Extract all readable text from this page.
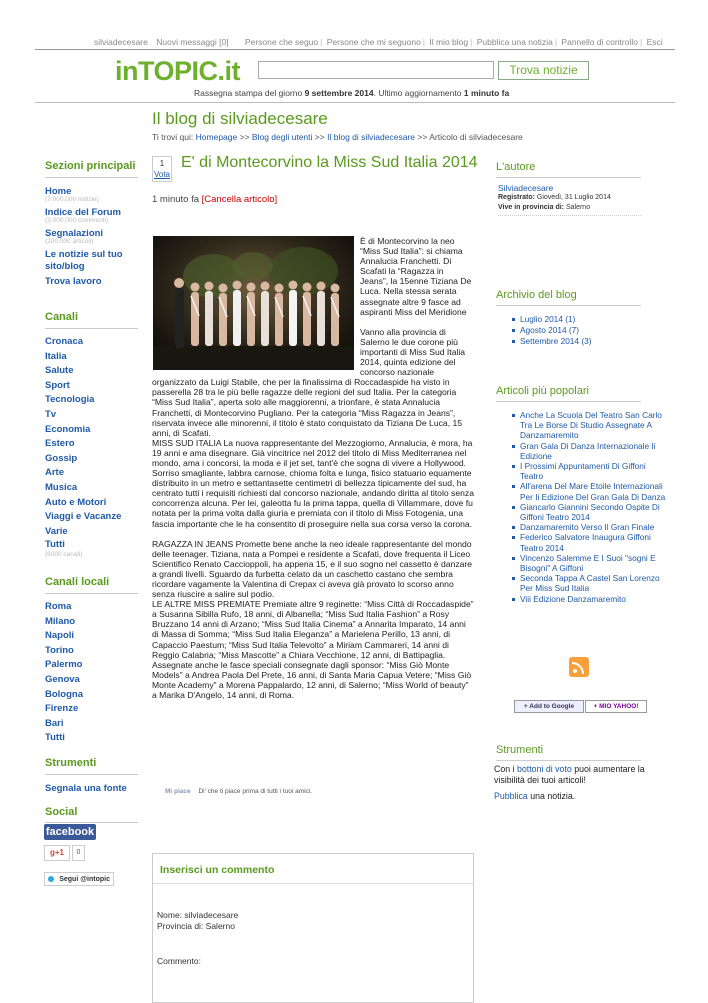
silviadecesare Nuovi messaggi [0] Persone che seguo | Persone che mi seguono | Il mio blog | Pubblica una notizia | Pannello di controllo | Esci
inTOPIC.it	Trova notizie
Rassegna stampa del giorno 9 settembre 2014. Ultimo aggiornamento 1 minuto fa
Il blog di silviadecesare
Ti trovi qui: Homepage >> Blog degli utenti >> Il blog di silviadecesare >> Articolo di silviadecesare
Sezioni principali
Home
(7.000.000 notizie)
Indice del Forum
(3.000.000 commenti)
Segnalazioni
(200.000 articoli)
Le notizie sul tuo sito/blog
Trova lavoro
Canali
Cronaca
Italia
Salute
Sport
Tecnologia
Tv
Economia
Estero
Gossip
Arte
Musica
Auto e Motori
Viaggi e Vacanze
Varie
Tutti
(6000 canali)
Canali locali
Roma
Milano
Napoli
Torino
Palermo
Genova
Bologna
Firenze
Bari
Tutti
Strumenti
Segnala una fonte
Social
facebook
g+1	0
Segui @intopic
1
Vota
E' di Montecorvino la Miss Sud Italia 2014
1 minuto fa [Cancella articolo]

È di Montecorvino la neo “Miss Sud Italia”: si chiama Annalucia Franchetti. Di Scafati la “Ragazza in Jeans”, la 15enne Tiziana De Luca. Nella stessa serata assegnate altre 9 fasce ad aspiranti Miss del Meridione

Vanno alla provincia di Salerno le due corone più importanti di Miss Sud Italia 2014, quinta edizione del concorso nazionale organizzato da Luigi Stabile, che per la finalissima di Roccadaspide ha visto in passerella 28 tra le più belle ragazze delle regioni del sud Italia. Per la categoria “Miss Sud Italia”, aperta solo alle maggiorenni, a trionfare, è stata Annalucia Franchetti, di Montecorvino Pugliano. Per la categoria “Miss Ragazza in Jeans”, riservata invece alle minorenni, il titolo è stato conquistato da Tiziana De Luca, 15 anni, di Scafati.

MISS SUD ITALIA La nuova rappresentante del Mezzogiorno, Annalucia, è mora, ha 19 anni e ama disegnare. Già vincitrice nel 2012 del titolo di Miss Mediterranea nel mondo, ama i concorsi, la moda e il jet set, tant'è che sogna di vivere a Hollywood. Sorriso smagliante, labbra carnose, chioma folta e lunga, fisico statuario equamente distribuito in un metro e settantasette centimetri di bellezza tipicamente del sud, ha centrato tutti i requisiti richiesti dal concorso nazionale, andando diritta al titolo senza concorrenza alcuna. Per lei, galeotta fu la prima tappa, quella di Villammare, dove fu notata per la prima volta dalla giuria e premiata con il titolo di Miss Fotogenia, una fascia importante che le ha consentito di proseguire nella sua corsa verso la corona.

RAGAZZA IN JEANS Promette bene anche la neo ideale rappresentante del mondo delle teenager. Tiziana, nata a Pompei e residente a Scafati, dove frequenta il Liceo Scientifico Renato Caccioppoli, ha appena 15, e il suo sogno nel cassetto è danzare a grandi livelli. Sguardo da furbetta celato da un caschetto castano che sembra ricordare vagamente la Valentina di Crepax ci aveva già provato lo scorso anno senza riuscire a salire sul podio.

LE ALTRE MISS PREMIATE Premiate altre 9 reginette: “Miss Città di Roccadaspide” a Susanna Sibilla Rufo, 18 anni, di Albanella; “Miss Sud Italia Fashion” a Rosy Bruzzano 14 anni di Arzano; “Miss Sud Italia Cinema” a Annarita Imparato, 14 anni di Massa di Somma; “Miss Sud Italia Eleganza” a Marielena Perillo, 13 anni, di Capaccio Paestum; “Miss Sud Italia Televolto” a Miriam Cammareri, 14 anni di Reggio Calabria; “Miss Mascotte” a Chiara Vecchione, 12 anni, di Battipaglia. Assegnate anche le fasce speciali consegnate dagli sponsor: “Miss Giò Monte Models” a Andrea Paola Del Prete, 16 anni, di Santa Maria Capua Vetere; “Miss Giò Monte Academy” a Morena Pappalardo, 12 anni, di Salerno; “Miss World of beauty” a Marika D'Angelo, 14 anni, di Roma.

Mi piace Di' che ti piace prima di tutti i tuoi amici.
Inserisci un commento
Nome: silviadecesare
Provincia di: Salerno
Commento:
L'autore
Silviadecesare
Registrato: Giovedì, 31 Luglio 2014
Vive in provincia di: Salerno
Archivio del blog
Luglio 2014 (1)
Agosto 2014 (7)
Settembre 2014 (3)
Articoli più popolari
Anche La Scuola Del Teatro San Carlo Tra Le Borse Di Studio Assegnate A Danzamaremito
Gran Gala Di Danza Internazionale Ii Edizione
I Prossimi Appuntamenti Di Giffoni Teatro
All'arena Del Mare Etoile Internazionali Per Ii Edizione Del Gran Gala Di Danza
Giancarlo Giannini Secondo Ospite Di Giffoni Teatro 2014
Danzamaremito Verso Il Gran Finale
Federico Salvatore Inaugura Giffoni Teatro 2014
Vincenzo Salemme E I Suoi "sogni E Bisogni" A Giffoni
Seconda Tappa A Castel San Lorenzo Per Miss Sud Italia
Viii Edizione Danzamaremito
+ Add to Google	+ MIO YAHOO!
Strumenti
Con i bottoni di voto puoi aumentare la visibilità dei tuoi articoli!
Pubblica una notizia.
